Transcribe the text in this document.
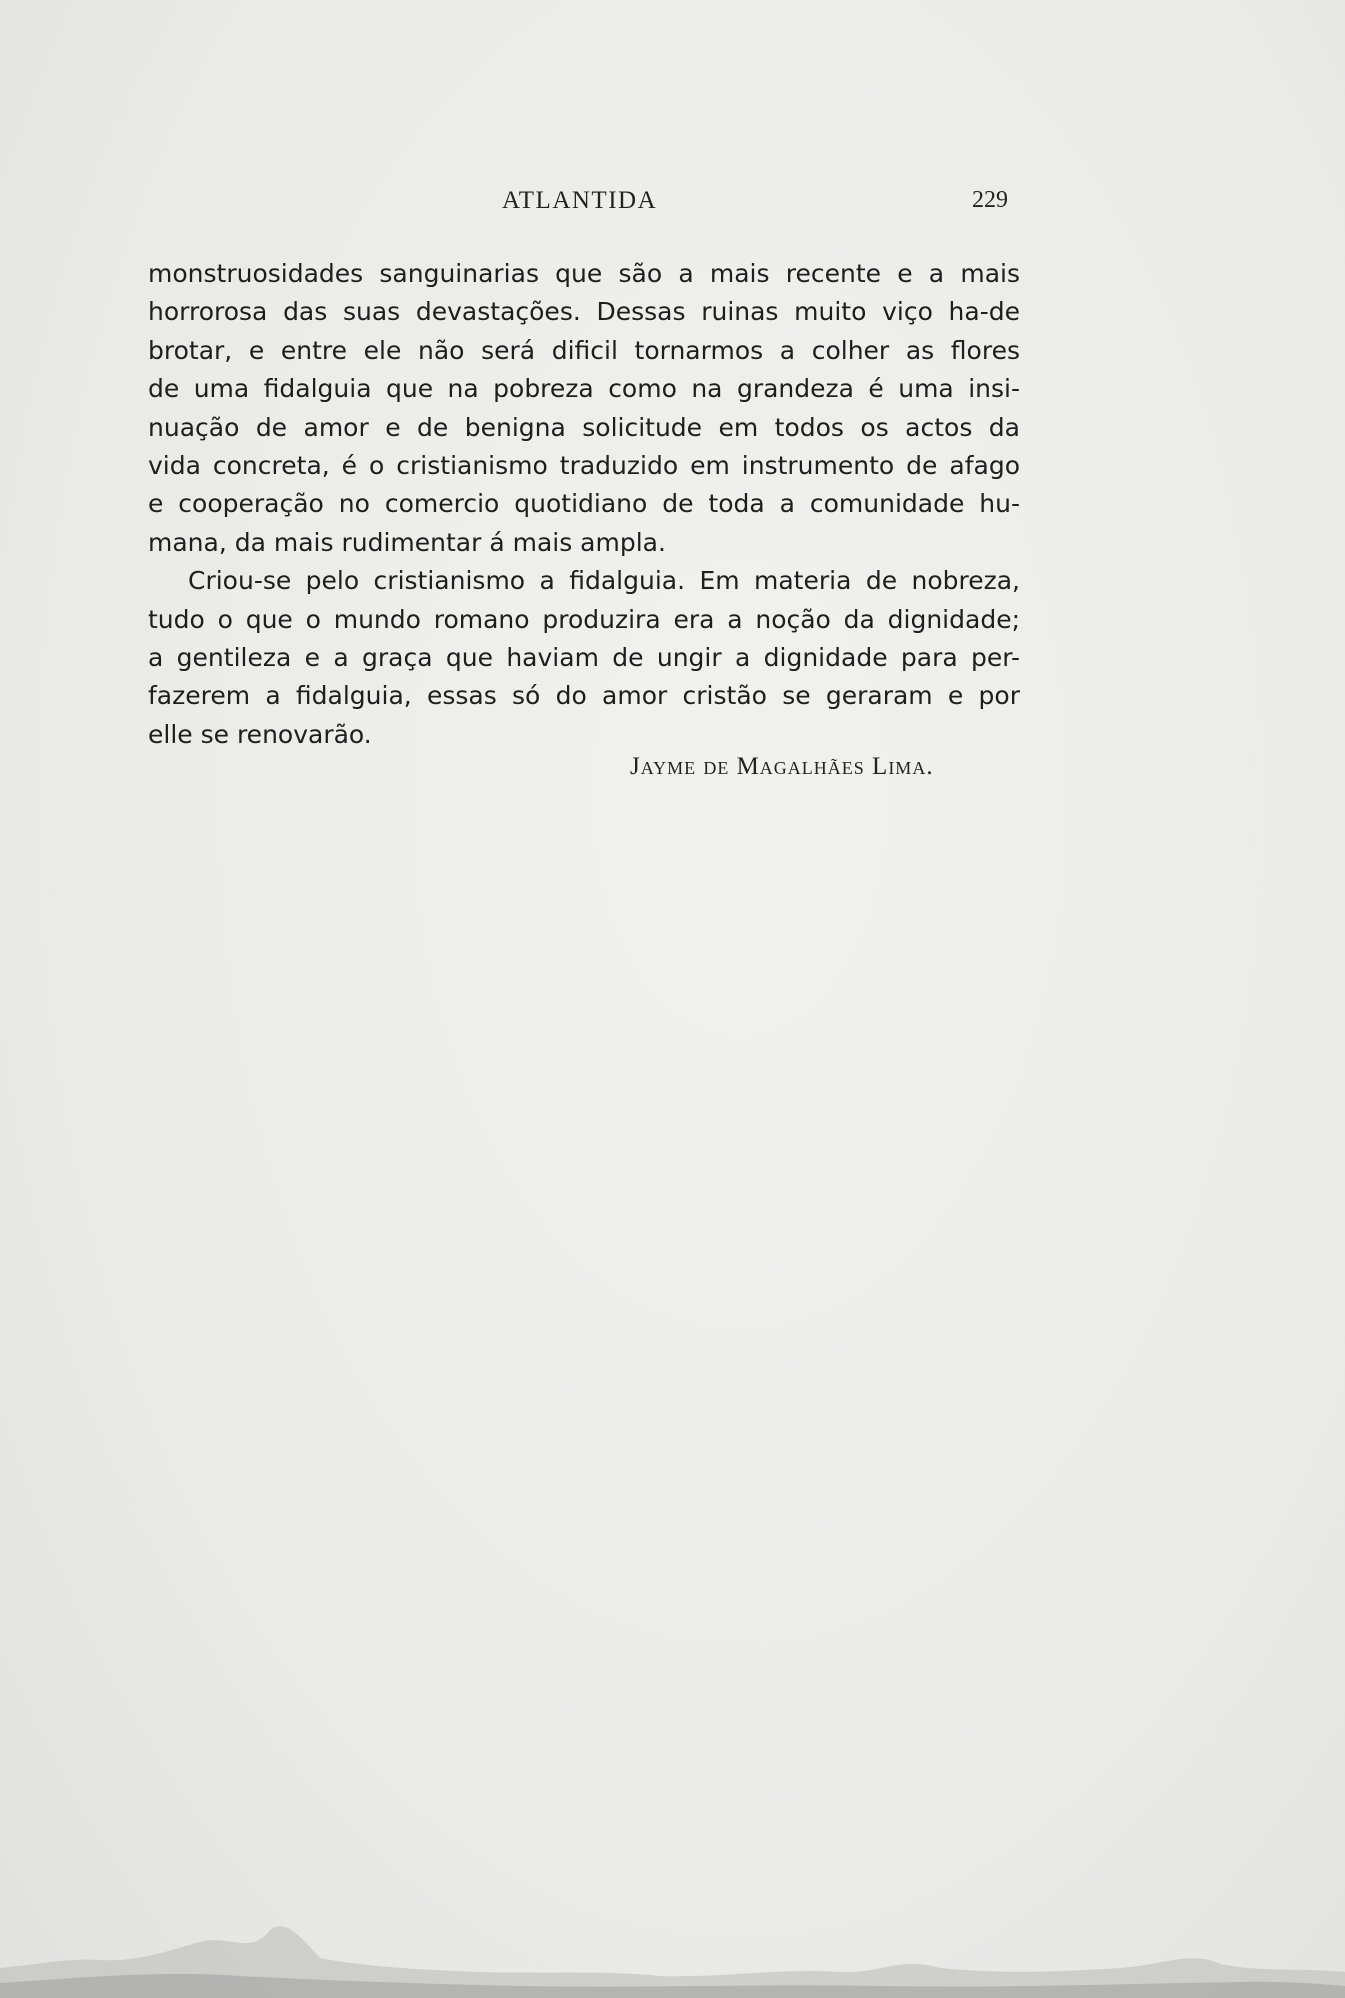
ATLANTIDA	229
monstruosidades sanguinarias que são a mais recente e a mais
horrorosa das suas devastações. Dessas ruinas muito viço ha-de
brotar, e entre ele não será dificil tornarmos a colher as flores
de uma fidalguia que na pobreza como na grandeza é uma insi-
nuação de amor e de benigna solicitude em todos os actos da
vida concreta, é o cristianismo traduzido em instrumento de afago
e cooperação no comercio quotidiano de toda a comunidade hu-
mana, da mais rudimentar á mais ampla.
Criou-se pelo cristianismo a fidalguia. Em materia de nobreza,
tudo o que o mundo romano produzira era a noção da dignidade;
a gentileza e a graça que haviam de ungir a dignidade para per-
fazerem a fidalguia, essas só do amor cristão se geraram e por
elle se renovarão.
Jayme de Magalhães Lima.
